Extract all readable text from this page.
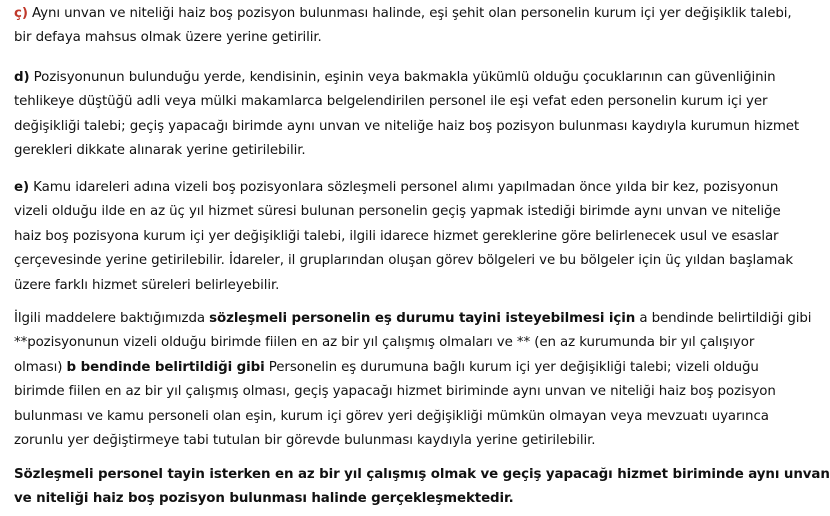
ç) Aynı unvan ve niteliği haiz boş pozisyon bulunması halinde, eşi şehit olan personelin kurum içi yer değişiklik talebi,
bir defaya mahsus olmak üzere yerine getirilir.

d) Pozisyonunun bulunduğu yerde, kendisinin, eşinin veya bakmakla yükümlü olduğu çocuklarının can güvenliğinin
tehlikeye düştüğü adli veya mülki makamlarca belgelendirilen personel ile eşi vefat eden personelin kurum içi yer
değişikliği talebi; geçiş yapacağı birimde aynı unvan ve niteliğe haiz boş pozisyon bulunması kaydıyla kurumun hizmet
gerekleri dikkate alınarak yerine getirilebilir.

e) Kamu idareleri adına vizeli boş pozisyonlara sözleşmeli personel alımı yapılmadan önce yılda bir kez, pozisyonun
vizeli olduğu ilde en az üç yıl hizmet süresi bulunan personelin geçiş yapmak istediği birimde aynı unvan ve niteliğe
haiz boş pozisyona kurum içi yer değişikliği talebi, ilgili idarece hizmet gereklerine göre belirlenecek usul ve esaslar
çerçevesinde yerine getirilebilir. İdareler, il gruplarından oluşan görev bölgeleri ve bu bölgeler için üç yıldan başlamak
üzere farklı hizmet süreleri belirleyebilir.

İlgili maddelere baktığımızda sözleşmeli personelin eş durumu tayini isteyebilmesi için a bendinde belirtildiği gibi
**pozisyonunun vizeli olduğu birimde fiilen en az bir yıl çalışmış olmaları ve ** (en az kurumunda bir yıl çalışıyor
olması) b bendinde belirtildiği gibi Personelin eş durumuna bağlı kurum içi yer değişikliği talebi; vizeli olduğu
birimde fiilen en az bir yıl çalışmış olması, geçiş yapacağı hizmet biriminde aynı unvan ve niteliği haiz boş pozisyon
bulunması ve kamu personeli olan eşin, kurum içi görev yeri değişikliği mümkün olmayan veya mevzuatı uyarınca
zorunlu yer değiştirmeye tabi tutulan bir görevde bulunması kaydıyla yerine getirilebilir.

Sözleşmeli personel tayin isterken en az bir yıl çalışmış olmak ve geçiş yapacağı hizmet biriminde aynı unvan
ve niteliği haiz boş pozisyon bulunması halinde gerçekleşmektedir.
